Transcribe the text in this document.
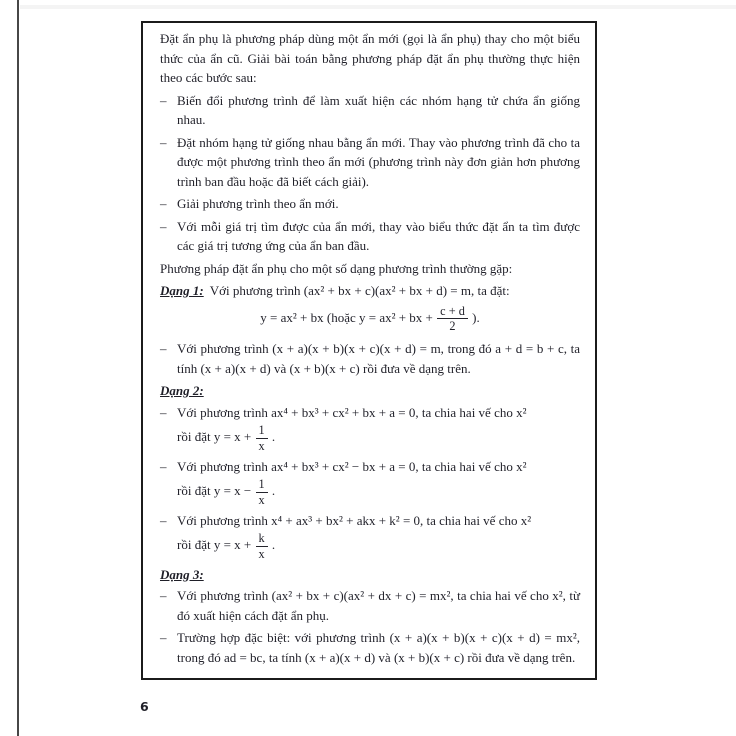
Đặt ẩn phụ là phương pháp dùng một ẩn mới (gọi là ẩn phụ) thay cho một biểu thức của ẩn cũ. Giải bài toán bằng phương pháp đặt ẩn phụ thường thực hiện theo các bước sau:
– Biến đổi phương trình để làm xuất hiện các nhóm hạng tử chứa ẩn giống nhau.
– Đặt nhóm hạng tử giống nhau bằng ẩn mới. Thay vào phương trình đã cho ta được một phương trình theo ẩn mới (phương trình này đơn giản hơn phương trình ban đầu hoặc đã biết cách giải).
– Giải phương trình theo ẩn mới.
– Với mỗi giá trị tìm được của ẩn mới, thay vào biểu thức đặt ẩn ta tìm được các giá trị tương ứng của ẩn ban đầu.
Phương pháp đặt ẩn phụ cho một số dạng phương trình thường gặp:
Dạng 1: Với phương trình (ax² + bx + c)(ax² + bx + d) = m, ta đặt:
y = ax² + bx (hoặc y = ax² + bx + $\frac{c + d}{2}$ ).
– Với phương trình (x + a)(x + b)(x + c)(x + d) = m, trong đó a + d = b + c, ta tính (x + a)(x + d) và (x + b)(x + c) rồi đưa về dạng trên.
Dạng 2:
– Với phương trình ax⁴ + bx³ + cx² + bx + a = 0, ta chia hai vế cho x²
rồi đặt $y = x + \frac{1}{x}$ .
– Với phương trình ax⁴ + bx³ + cx² − bx + a = 0, ta chia hai vế cho x²
rồi đặt $y = x - \frac{1}{x}$ .
– Với phương trình x⁴ + ax³ + bx² + akx + k² = 0, ta chia hai vế cho x²
rồi đặt $y = x + \frac{k}{x}$ .
Dạng 3:
– Với phương trình (ax² + bx + c)(ax² + dx + c) = mx², ta chia hai vế cho x², từ đó xuất hiện cách đặt ẩn phụ.
– Trường hợp đặc biệt: với phương trình (x + a)(x + b)(x + c)(x + d) = mx², trong đó ad = bc, ta tính (x + a)(x + d) và (x + b)(x + c) rồi đưa về dạng trên.
6
